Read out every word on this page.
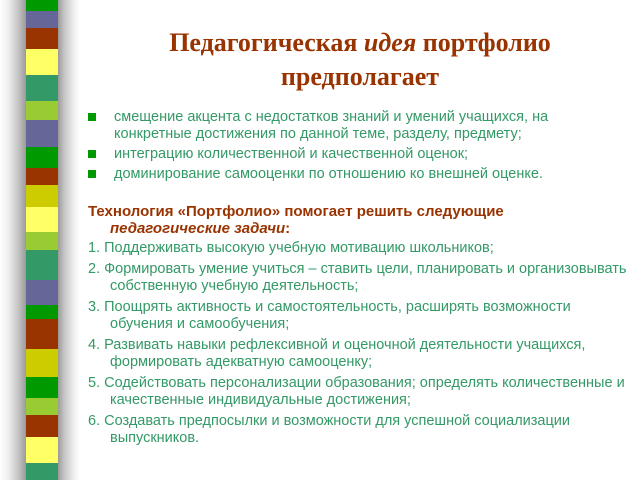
Педагогическая идея портфолио
предполагает
смещение акцента с недостатков знаний и умений учащихся, на
конкретные достижения по данной теме, разделу, предмету;
интеграцию количественной и качественной оценок;
доминирование самооценки по отношению ко внешней оценке.
Технология «Портфолио» помогает решить следующие
педагогические задачи:
1. Поддерживать высокую учебную мотивацию школьников;
2. Формировать умение учиться – ставить цели, планировать и организовывать собственную учебную деятельность;
3. Поощрять активность и самостоятельность, расширять возможности обучения и самообучения;
4. Развивать навыки рефлексивной и оценочной деятельности учащихся, формировать адекватную самооценку;
5. Содействовать персонализации образования; определять количественные и качественные индивидуальные достижения;
6. Создавать предпосылки и возможности для успешной социализации выпускников.
